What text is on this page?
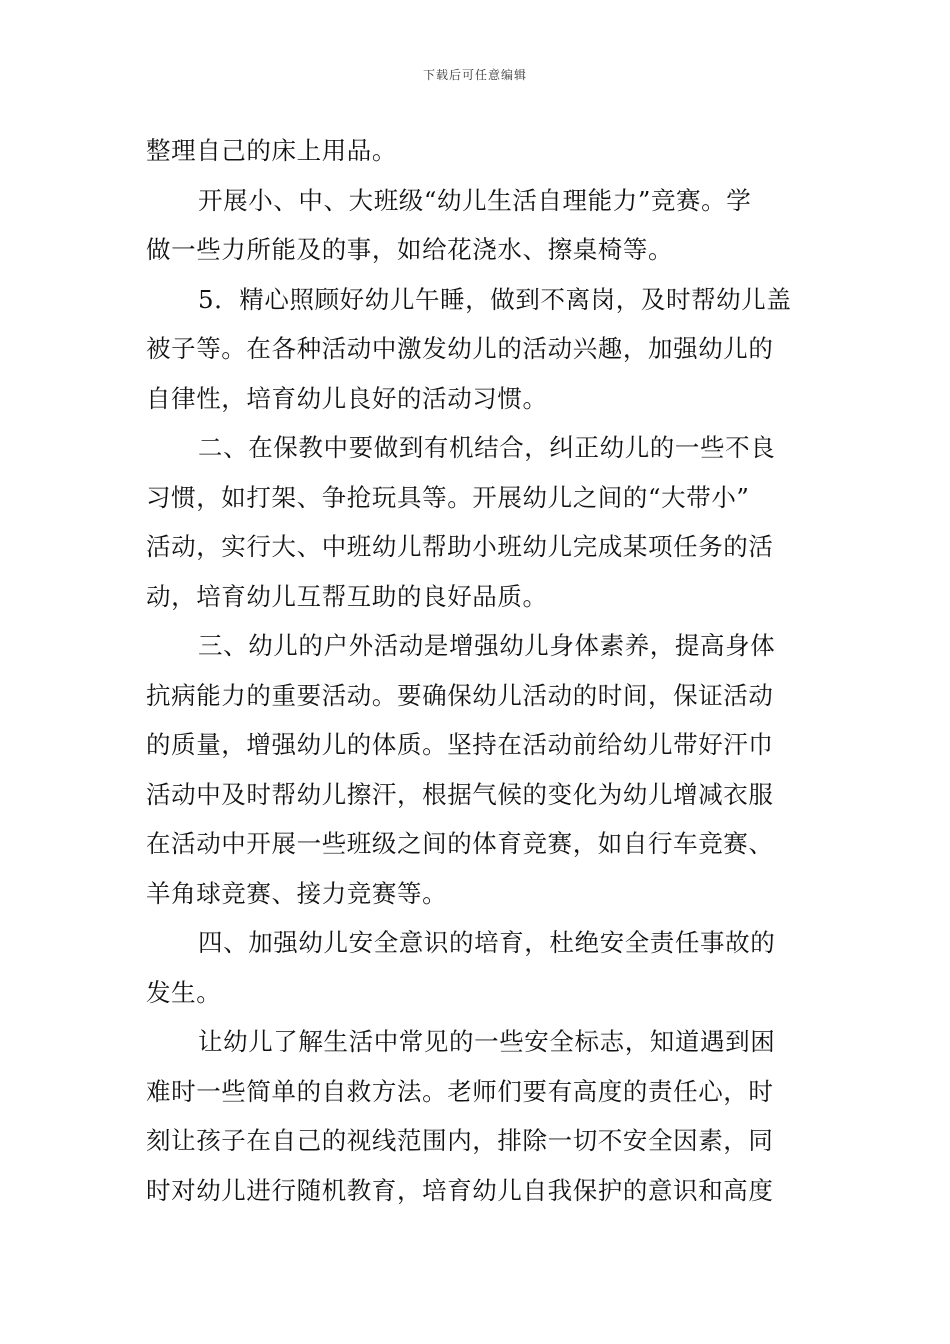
下载后可任意编辑
整理自己的床上用品。
开展小、中、大班级“幼儿生活自理能力”竞赛。学
做一些力所能及的事，如给花浇水、擦桌椅等。
5．精心照顾好幼儿午睡，做到不离岗，及时帮幼儿盖
被子等。在各种活动中激发幼儿的活动兴趣，加强幼儿的
自律性，培育幼儿良好的活动习惯。
二、在保教中要做到有机结合，纠正幼儿的一些不良
习惯，如打架、争抢玩具等。开展幼儿之间的“大带小”
活动，实行大、中班幼儿帮助小班幼儿完成某项任务的活
动，培育幼儿互帮互助的良好品质。
三、幼儿的户外活动是增强幼儿身体素养，提高身体
抗病能力的重要活动。要确保幼儿活动的时间，保证活动
的质量，增强幼儿的体质。坚持在活动前给幼儿带好汗巾
活动中及时帮幼儿擦汗，根据气候的变化为幼儿增减衣服
在活动中开展一些班级之间的体育竞赛，如自行车竞赛、
羊角球竞赛、接力竞赛等。
四、加强幼儿安全意识的培育，杜绝安全责任事故的
发生。
让幼儿了解生活中常见的一些安全标志，知道遇到困
难时一些简单的自救方法。老师们要有高度的责任心，时
刻让孩子在自己的视线范围内，排除一切不安全因素，同
时对幼儿进行随机教育，培育幼儿自我保护的意识和高度
